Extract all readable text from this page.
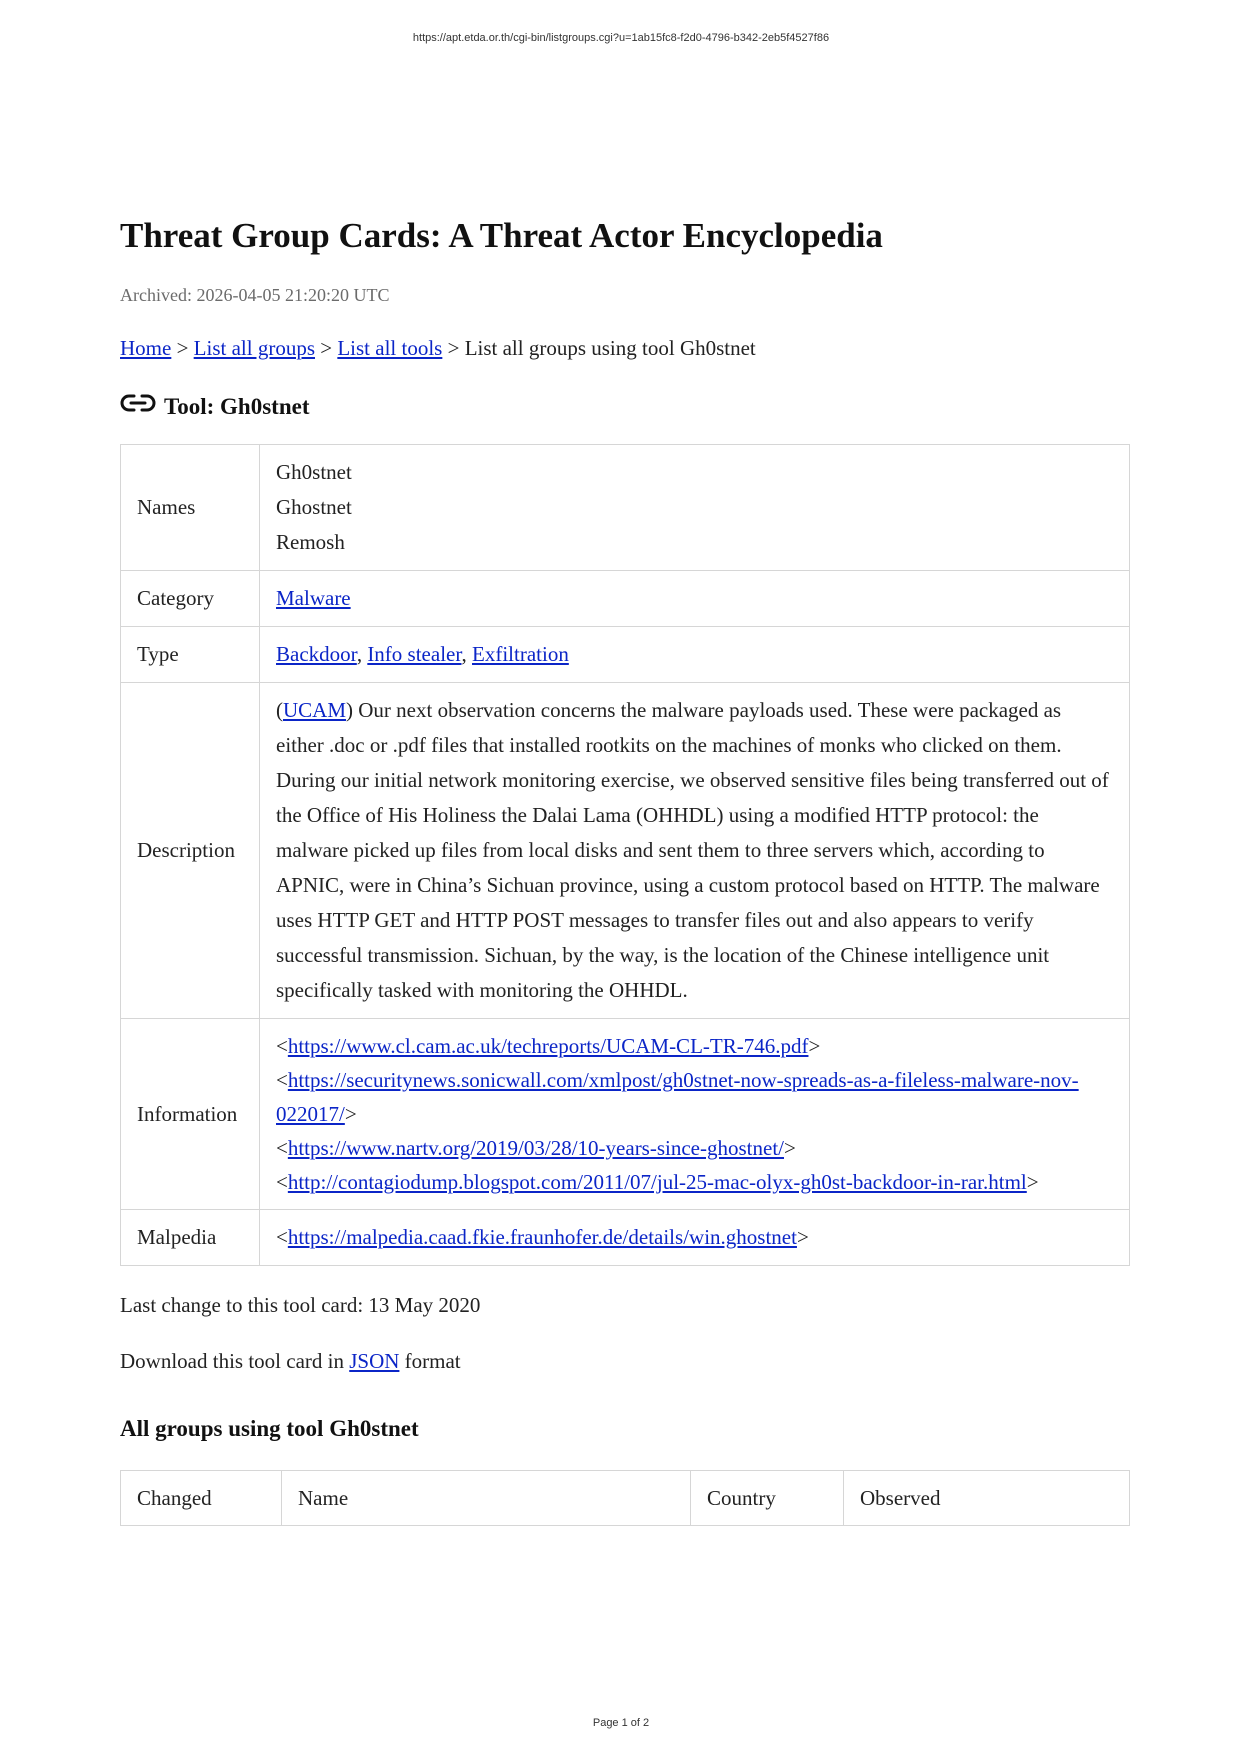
https://apt.etda.or.th/cgi-bin/listgroups.cgi?u=1ab15fc8-f2d0-4796-b342-2eb5f4527f86
Threat Group Cards: A Threat Actor Encyclopedia
Archived: 2026-04-05 21:20:20 UTC
Home > List all groups > List all tools > List all groups using tool Gh0stnet
Tool: Gh0stnet
Names	Gh0stnet
Ghostnet
Remosh

Category	Malware
Type	Backdoor, Info stealer, Exfiltration
Description	(UCAM) Our next observation concerns the malware payloads used. These were packaged as either .doc or .pdf files that installed rootkits on the machines of monks who clicked on them. During our initial network monitoring exercise, we observed sensitive files being transferred out of the Office of His Holiness the Dalai Lama (OHHDL) using a modified HTTP protocol: the malware picked up files from local disks and sent them to three servers which, according to APNIC, were in China’s Sichuan province, using a custom protocol based on HTTP. The malware uses HTTP GET and HTTP POST messages to transfer files out and also appears to verify successful transmission. Sichuan, by the way, is the location of the Chinese intelligence unit specifically tasked with monitoring the OHHDL.
Information	<https://www.cl.cam.ac.uk/techreports/UCAM-CL-TR-746.pdf>
<https://securitynews.sonicwall.com/xmlpost/gh0stnet-now-spreads-as-a-fileless-malware-nov-022017/>
<https://www.nartv.org/2019/03/28/10-years-since-ghostnet/>
<http://contagiodump.blogspot.com/2011/07/jul-25-mac-olyx-gh0st-backdoor-in-rar.html>

Malpedia	<https://malpedia.caad.fkie.fraunhofer.de/details/win.ghostnet>
Last change to this tool card: 13 May 2020
Download this tool card in JSON format
All groups using tool Gh0stnet
Changed	Name	Country	Observed
Page 1 of 2
